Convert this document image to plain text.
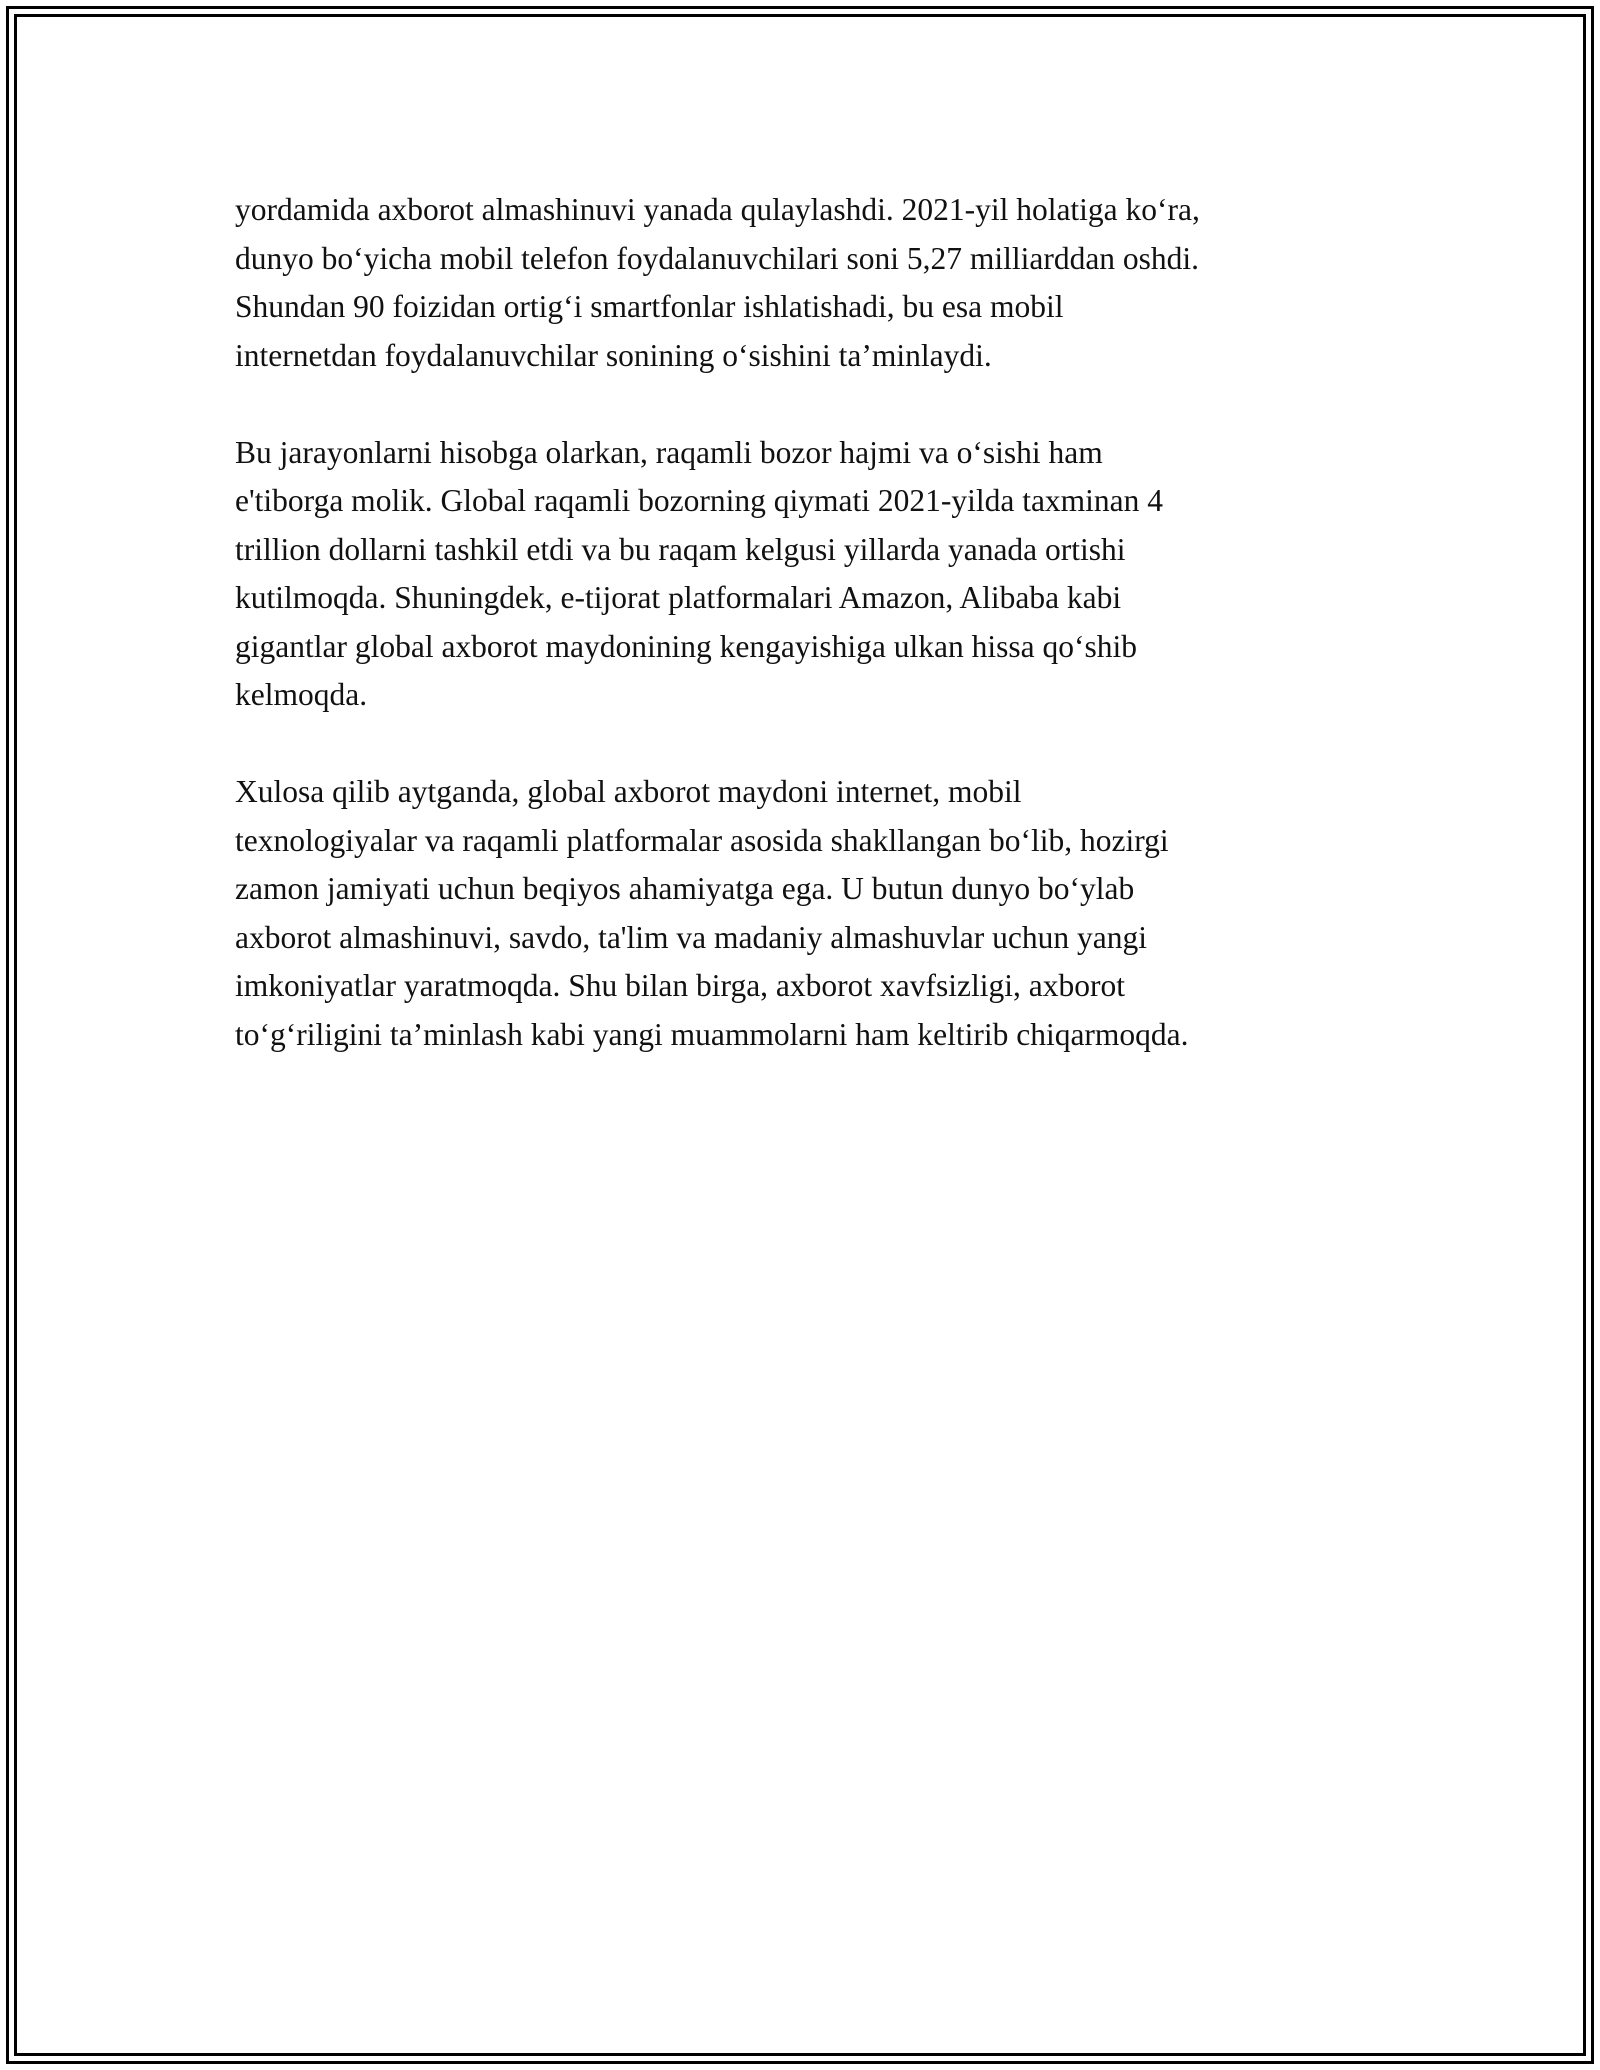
yordamida axborot almashinuvi yanada qulaylashdi. 2021-yil holatiga ko‘ra,
dunyo bo‘yicha mobil telefon foydalanuvchilari soni 5,27 milliarddan oshdi.
Shundan 90 foizidan ortig‘i smartfonlar ishlatishadi, bu esa mobil
internetdan foydalanuvchilar sonining o‘sishini ta’minlaydi.

Bu jarayonlarni hisobga olarkan, raqamli bozor hajmi va o‘sishi ham
e'tiborga molik. Global raqamli bozorning qiymati 2021-yilda taxminan 4
trillion dollarni tashkil etdi va bu raqam kelgusi yillarda yanada ortishi
kutilmoqda. Shuningdek, e-tijorat platformalari Amazon, Alibaba kabi
gigantlar global axborot maydonining kengayishiga ulkan hissa qo‘shib
kelmoqda.

Xulosa qilib aytganda, global axborot maydoni internet, mobil
texnologiyalar va raqamli platformalar asosida shakllangan bo‘lib, hozirgi
zamon jamiyati uchun beqiyos ahamiyatga ega. U butun dunyo bo‘ylab
axborot almashinuvi, savdo, ta'lim va madaniy almashuvlar uchun yangi
imkoniyatlar yaratmoqda. Shu bilan birga, axborot xavfsizligi, axborot
to‘g‘riligini ta’minlash kabi yangi muammolarni ham keltirib chiqarmoqda.
